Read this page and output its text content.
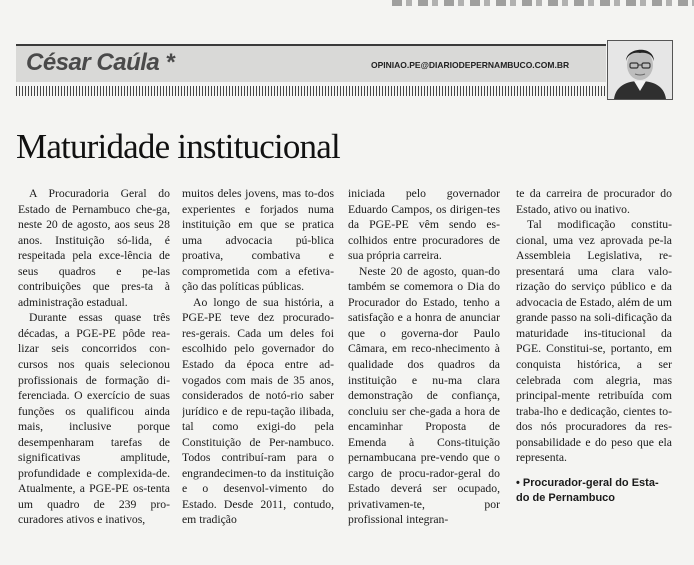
César Caúla *	OPINIAO.PE@DIARIODEPERNAMBUCO.COM.BR
Maturidade institucional

A Procuradoria Geral do Estado de Pernambuco che-ga, neste 20 de agosto, aos seus 28 anos. Instituição só-lida, é respeitada pela exce-lência de seus quadros e pe-las contribuições que pres-ta à administração estadual.

Durante essas quase três décadas, a PGE-PE pôde rea-lizar seis concorridos con-cursos nos quais selecionou profissionais de formação di-ferenciada. O exercício de suas funções os qualificou ainda mais, inclusive porque desempenharam tarefas de significativas amplitude, profundidade e complexida-de. Atualmente, a PGE-PE os-tenta um quadro de 239 pro-curadores ativos e inativos,

muitos deles jovens, mas to-dos experientes e forjados numa instituição em que se pratica uma advocacia pú-blica proativa, combativa e comprometida com a efetiva-ção das políticas públicas.

Ao longo de sua história, a PGE-PE teve dez procurado-res-gerais. Cada um deles foi escolhido pelo governador do Estado da época entre ad-vogados com mais de 35 anos, considerados de notó-rio saber jurídico e de repu-tação ilibada, tal como exigi-do pela Constituição de Per-nambuco. Todos contribuí-ram para o engrandecimen-to da instituição e o desenvol-vimento do Estado. Desde 2011, contudo, em tradição

iniciada pelo governador Eduardo Campos, os dirigen-tes da PGE-PE vêm sendo es-colhidos entre procuradores de sua própria carreira.

Neste 20 de agosto, quan-do também se comemora o Dia do Procurador do Estado, tenho a satisfação e a honra de anunciar que o governa-dor Paulo Câmara, em reco-nhecimento à qualidade dos quadros da instituição e nu-ma clara demonstração de confiança, concluiu ser che-gada a hora de encaminhar Proposta de Emenda à Cons-tituição pernambucana pre-vendo que o cargo de procu-rador-geral do Estado deverá ser ocupado, privativamen-te, por profissional integran-

te da carreira de procurador do Estado, ativo ou inativo.

Tal modificação constitu-cional, uma vez aprovada pe-la Assembleia Legislativa, re-presentará uma clara valo-rização do serviço público e da advocacia de Estado, além de um grande passo na soli-dificação da maturidade ins-titucional da PGE. Constitui-se, portanto, em conquista histórica, a ser celebrada com alegria, mas principal-mente retribuída com traba-lho e dedicação, cientes to-dos nós procuradores da res-ponsabilidade e do peso que ela representa.

• Procurador-geral do Esta-do de Pernambuco
